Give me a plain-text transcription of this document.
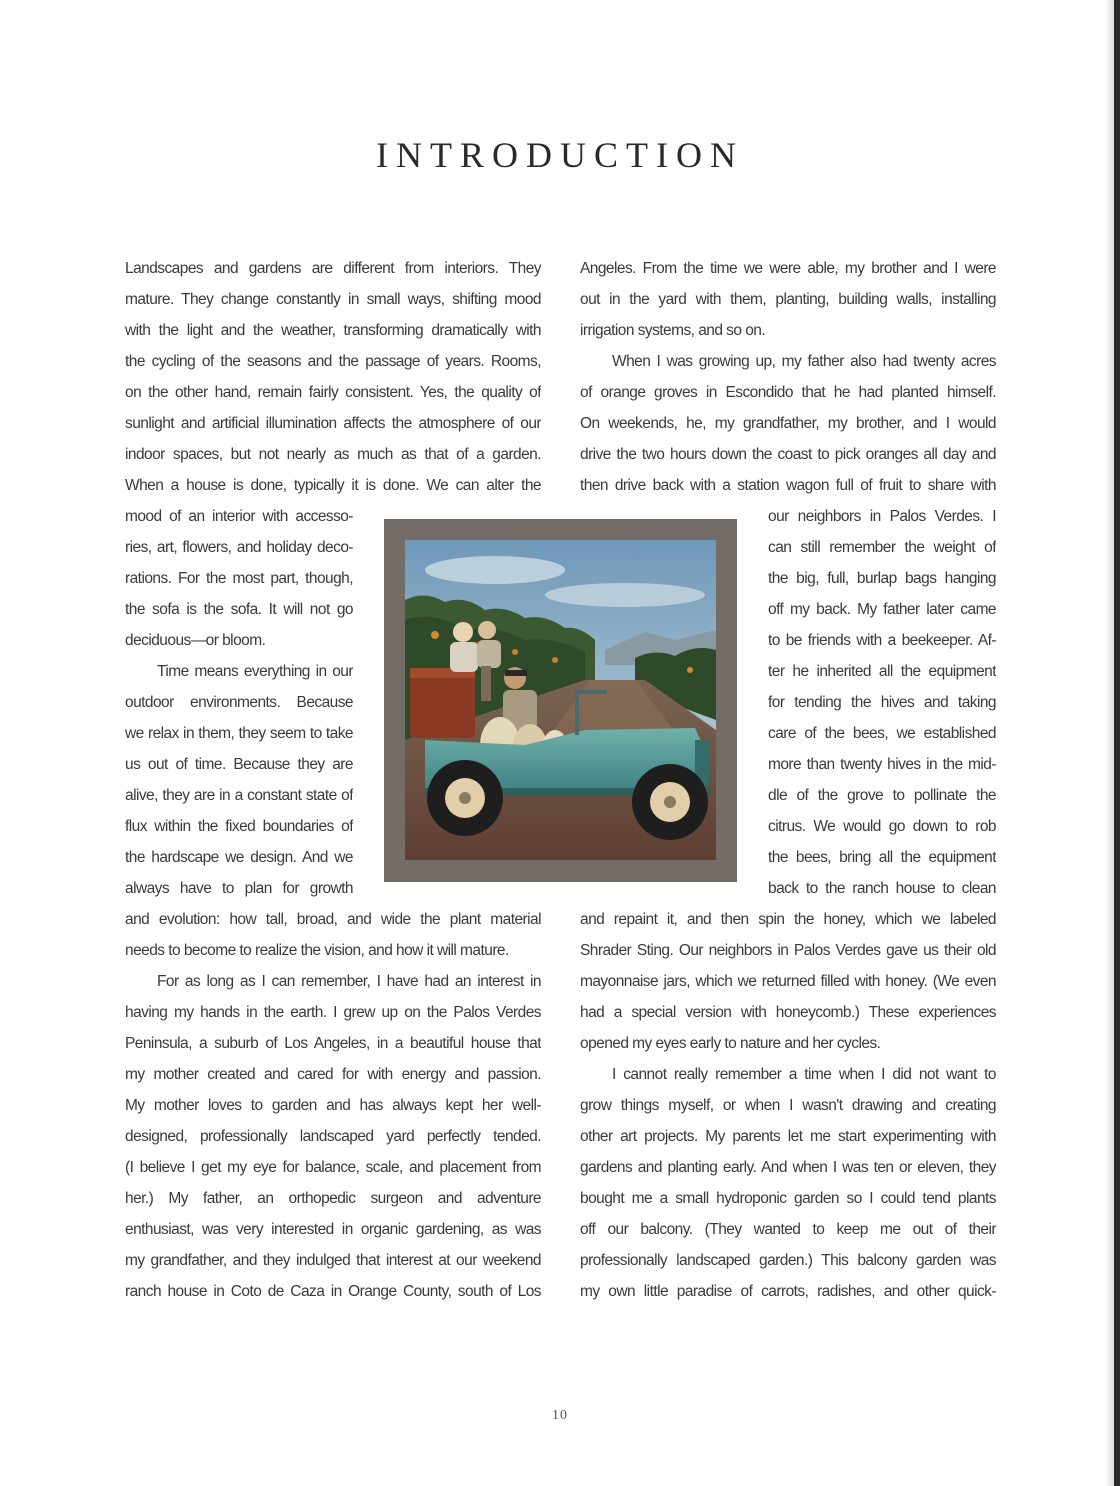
INTRODUCTION

Landscapes and gardens are different from interiors. They

mature. They change constantly in small ways, shifting mood

with the light and the weather, transforming dramatically with

the cycling of the seasons and the passage of years. Rooms,

on the other hand, remain fairly consistent. Yes, the quality of

sunlight and artificial illumination affects the atmosphere of our

indoor spaces, but not nearly as much as that of a garden.

When a house is done, typically it is done. We can alter the

mood of an interior with accesso-

ries, art, flowers, and holiday deco-

rations. For the most part, though,

the sofa is the sofa. It will not go

deciduous—or bloom.

Time means everything in our

outdoor environments. Because

we relax in them, they seem to take

us out of time. Because they are

alive, they are in a constant state of

flux within the fixed boundaries of

the hardscape we design. And we

always have to plan for growth

and evolution: how tall, broad, and wide the plant material

needs to become to realize the vision, and how it will mature.

For as long as I can remember, I have had an interest in

having my hands in the earth. I grew up on the Palos Verdes

Peninsula, a suburb of Los Angeles, in a beautiful house that

my mother created and cared for with energy and passion.

My mother loves to garden and has always kept her well-

designed, professionally landscaped yard perfectly tended.

(I believe I get my eye for balance, scale, and placement from

her.) My father, an orthopedic surgeon and adventure

enthusiast, was very interested in organic gardening, as was

my grandfather, and they indulged that interest at our weekend

ranch house in Coto de Caza in Orange County, south of Los

Angeles. From the time we were able, my brother and I were

out in the yard with them, planting, building walls, installing

irrigation systems, and so on.

When I was growing up, my father also had twenty acres

of orange groves in Escondido that he had planted himself.

On weekends, he, my grandfather, my brother, and I would

drive the two hours down the coast to pick oranges all day and

then drive back with a station wagon full of fruit to share with

our neighbors in Palos Verdes. I

can still remember the weight of

the big, full, burlap bags hanging

off my back. My father later came

to be friends with a beekeeper. Af-

ter he inherited all the equipment

for tending the hives and taking

care of the bees, we established

more than twenty hives in the mid-

dle of the grove to pollinate the

citrus. We would go down to rob

the bees, bring all the equipment

back to the ranch house to clean

and repaint it, and then spin the honey, which we labeled

Shrader Sting. Our neighbors in Palos Verdes gave us their old

mayonnaise jars, which we returned filled with honey. (We even

had a special version with honeycomb.) These experiences

opened my eyes early to nature and her cycles.

I cannot really remember a time when I did not want to

grow things myself, or when I wasn't drawing and creating

other art projects. My parents let me start experimenting with

gardens and planting early. And when I was ten or eleven, they

bought me a small hydroponic garden so I could tend plants

off our balcony. (They wanted to keep me out of their

professionally landscaped garden.) This balcony garden was

my own little paradise of carrots, radishes, and other quick-

10
